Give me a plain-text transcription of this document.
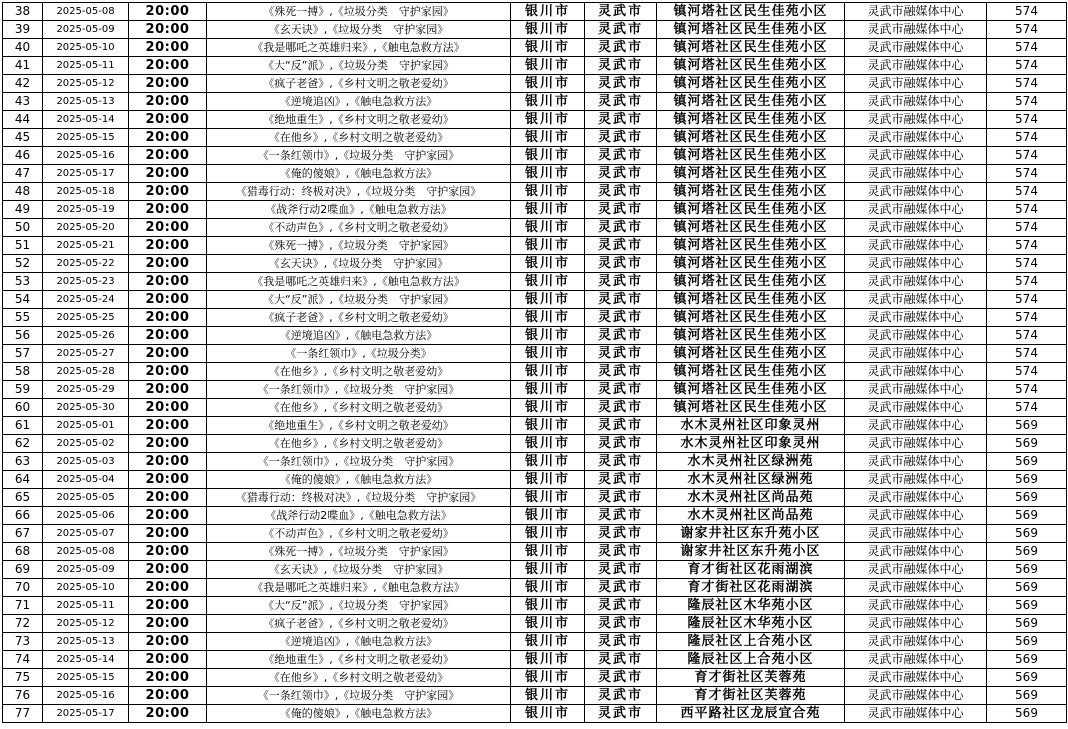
38	2025-05-08	20:00	《殊死一搏》,《垃圾分类　守护家园》	银川市	灵武市	镇河塔社区民生佳苑小区	灵武市融媒体中心	574
39	2025-05-09	20:00	《玄天诀》,《垃圾分类　守护家园》	银川市	灵武市	镇河塔社区民生佳苑小区	灵武市融媒体中心	574
40	2025-05-10	20:00	《我是哪吒之英雄归来》,《触电急救方法》	银川市	灵武市	镇河塔社区民生佳苑小区	灵武市融媒体中心	574
41	2025-05-11	20:00	《大“反”派》,《垃圾分类　守护家园》	银川市	灵武市	镇河塔社区民生佳苑小区	灵武市融媒体中心	574
42	2025-05-12	20:00	《疯子老爸》,《乡村文明之敬老爱幼》	银川市	灵武市	镇河塔社区民生佳苑小区	灵武市融媒体中心	574
43	2025-05-13	20:00	《逆境追凶》,《触电急救方法》	银川市	灵武市	镇河塔社区民生佳苑小区	灵武市融媒体中心	574
44	2025-05-14	20:00	《绝地重生》,《乡村文明之敬老爱幼》	银川市	灵武市	镇河塔社区民生佳苑小区	灵武市融媒体中心	574
45	2025-05-15	20:00	《在他乡》,《乡村文明之敬老爱幼》	银川市	灵武市	镇河塔社区民生佳苑小区	灵武市融媒体中心	574
46	2025-05-16	20:00	《一条红领巾》,《垃圾分类　守护家园》	银川市	灵武市	镇河塔社区民生佳苑小区	灵武市融媒体中心	574
47	2025-05-17	20:00	《俺的傻娘》,《触电急救方法》	银川市	灵武市	镇河塔社区民生佳苑小区	灵武市融媒体中心	574
48	2025-05-18	20:00	《猎毒行动：终极对决》,《垃圾分类　守护家园》	银川市	灵武市	镇河塔社区民生佳苑小区	灵武市融媒体中心	574
49	2025-05-19	20:00	《战斧行动2喋血》,《触电急救方法》	银川市	灵武市	镇河塔社区民生佳苑小区	灵武市融媒体中心	574
50	2025-05-20	20:00	《不动声色》,《乡村文明之敬老爱幼》	银川市	灵武市	镇河塔社区民生佳苑小区	灵武市融媒体中心	574
51	2025-05-21	20:00	《殊死一搏》,《垃圾分类　守护家园》	银川市	灵武市	镇河塔社区民生佳苑小区	灵武市融媒体中心	574
52	2025-05-22	20:00	《玄天诀》,《垃圾分类　守护家园》	银川市	灵武市	镇河塔社区民生佳苑小区	灵武市融媒体中心	574
53	2025-05-23	20:00	《我是哪吒之英雄归来》,《触电急救方法》	银川市	灵武市	镇河塔社区民生佳苑小区	灵武市融媒体中心	574
54	2025-05-24	20:00	《大“反”派》,《垃圾分类　守护家园》	银川市	灵武市	镇河塔社区民生佳苑小区	灵武市融媒体中心	574
55	2025-05-25	20:00	《疯子老爸》,《乡村文明之敬老爱幼》	银川市	灵武市	镇河塔社区民生佳苑小区	灵武市融媒体中心	574
56	2025-05-26	20:00	《逆境追凶》,《触电急救方法》	银川市	灵武市	镇河塔社区民生佳苑小区	灵武市融媒体中心	574
57	2025-05-27	20:00	《一条红领巾》,《垃圾分类》	银川市	灵武市	镇河塔社区民生佳苑小区	灵武市融媒体中心	574
58	2025-05-28	20:00	《在他乡》,《乡村文明之敬老爱幼》	银川市	灵武市	镇河塔社区民生佳苑小区	灵武市融媒体中心	574
59	2025-05-29	20:00	《一条红领巾》,《垃圾分类　守护家园》	银川市	灵武市	镇河塔社区民生佳苑小区	灵武市融媒体中心	574
60	2025-05-30	20:00	《在他乡》,《乡村文明之敬老爱幼》	银川市	灵武市	镇河塔社区民生佳苑小区	灵武市融媒体中心	574
61	2025-05-01	20:00	《绝地重生》,《乡村文明之敬老爱幼》	银川市	灵武市	水木灵州社区印象灵州	灵武市融媒体中心	569
62	2025-05-02	20:00	《在他乡》,《乡村文明之敬老爱幼》	银川市	灵武市	水木灵州社区印象灵州	灵武市融媒体中心	569
63	2025-05-03	20:00	《一条红领巾》,《垃圾分类　守护家园》	银川市	灵武市	水木灵州社区绿洲苑	灵武市融媒体中心	569
64	2025-05-04	20:00	《俺的傻娘》,《触电急救方法》	银川市	灵武市	水木灵州社区绿洲苑	灵武市融媒体中心	569
65	2025-05-05	20:00	《猎毒行动：终极对决》,《垃圾分类　守护家园》	银川市	灵武市	水木灵州社区尚品苑	灵武市融媒体中心	569
66	2025-05-06	20:00	《战斧行动2喋血》,《触电急救方法》	银川市	灵武市	水木灵州社区尚品苑	灵武市融媒体中心	569
67	2025-05-07	20:00	《不动声色》,《乡村文明之敬老爱幼》	银川市	灵武市	谢家井社区东升苑小区	灵武市融媒体中心	569
68	2025-05-08	20:00	《殊死一搏》,《垃圾分类　守护家园》	银川市	灵武市	谢家井社区东升苑小区	灵武市融媒体中心	569
69	2025-05-09	20:00	《玄天诀》,《垃圾分类　守护家园》	银川市	灵武市	育才街社区花雨湖滨	灵武市融媒体中心	569
70	2025-05-10	20:00	《我是哪吒之英雄归来》,《触电急救方法》	银川市	灵武市	育才街社区花雨湖滨	灵武市融媒体中心	569
71	2025-05-11	20:00	《大“反”派》,《垃圾分类　守护家园》	银川市	灵武市	隆辰社区木华苑小区	灵武市融媒体中心	569
72	2025-05-12	20:00	《疯子老爸》,《乡村文明之敬老爱幼》	银川市	灵武市	隆辰社区木华苑小区	灵武市融媒体中心	569
73	2025-05-13	20:00	《逆境追凶》,《触电急救方法》	银川市	灵武市	隆辰社区上合苑小区	灵武市融媒体中心	569
74	2025-05-14	20:00	《绝地重生》,《乡村文明之敬老爱幼》	银川市	灵武市	隆辰社区上合苑小区	灵武市融媒体中心	569
75	2025-05-15	20:00	《在他乡》,《乡村文明之敬老爱幼》	银川市	灵武市	育才街社区芙蓉苑	灵武市融媒体中心	569
76	2025-05-16	20:00	《一条红领巾》,《垃圾分类　守护家园》	银川市	灵武市	育才街社区芙蓉苑	灵武市融媒体中心	569
77	2025-05-17	20:00	《俺的傻娘》,《触电急救方法》	银川市	灵武市	西平路社区龙辰宜合苑	灵武市融媒体中心	569
